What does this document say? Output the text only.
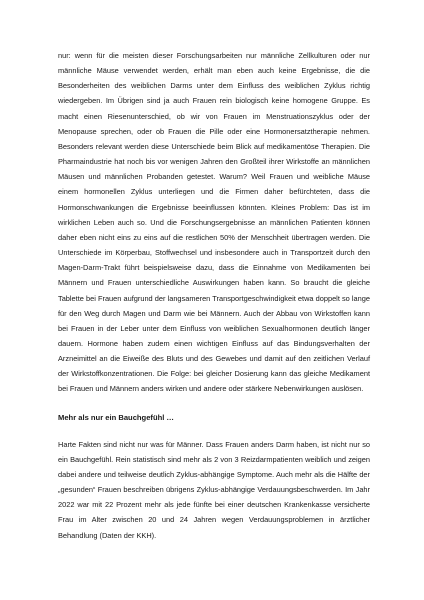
nur: wenn für die meisten dieser Forschungsarbeiten nur männliche Zellkulturen oder nur männliche Mäuse verwendet werden, erhält man eben auch keine Ergebnisse, die die Besonderheiten des weiblichen Darms unter dem Einfluss des weiblichen Zyklus richtig wiedergeben. Im Übrigen sind ja auch Frauen rein biologisch keine homogene Gruppe. Es macht einen Riesenunterschied, ob wir von Frauen im Menstruationszyklus oder der Menopause sprechen, oder ob Frauen die Pille oder eine Hormonersatztherapie nehmen. Besonders relevant werden diese Unterschiede beim Blick auf medikamentöse Therapien. Die Pharmaindustrie hat noch bis vor wenigen Jahren den Großteil ihrer Wirkstoffe an männlichen Mäusen und männlichen Probanden getestet. Warum? Weil Frauen und weibliche Mäuse einem hormonellen Zyklus unterliegen und die Firmen daher befürchteten, dass die Hormonschwankungen die Ergebnisse beeinflussen könnten. Kleines Problem: Das ist im wirklichen Leben auch so. Und die Forschungsergebnisse an männlichen Patienten können daher eben nicht eins zu eins auf die restlichen 50% der Menschheit übertragen werden. Die Unterschiede im Körperbau, Stoffwechsel und insbesondere auch in Transportzeit durch den Magen-Darm-Trakt führt beispielsweise dazu, dass die Einnahme von Medikamenten bei Männern und Frauen unterschiedliche Auswirkungen haben kann. So braucht die gleiche Tablette bei Frauen aufgrund der langsameren Transportgeschwindigkeit etwa doppelt so lange für den Weg durch Magen und Darm wie bei Männern. Auch der Abbau von Wirkstoffen kann bei Frauen in der Leber unter dem Einfluss von weiblichen Sexualhormonen deutlich länger dauern. Hormone haben zudem einen wichtigen Einfluss auf das Bindungsverhalten der Arzneimittel an die Eiweiße des Bluts und des Gewebes und damit auf den zeitlichen Verlauf der Wirkstoffkonzentrationen. Die Folge: bei gleicher Dosierung kann das gleiche Medikament bei Frauen und Männern anders wirken und andere oder stärkere Nebenwirkungen auslösen.

Mehr als nur ein Bauchgefühl …

Harte Fakten sind nicht nur was für Männer. Dass Frauen anders Darm haben, ist nicht nur so ein Bauchgefühl. Rein statistisch sind mehr als 2 von 3 Reizdarmpatienten weiblich und zeigen dabei andere und teilweise deutlich Zyklus-abhängige Symptome. Auch mehr als die Hälfte der „gesunden“ Frauen beschreiben übrigens Zyklus-abhängige Verdauungsbeschwerden. Im Jahr 2022 war mit 22 Prozent mehr als jede fünfte bei einer deutschen Krankenkasse versicherte Frau im Alter zwischen 20 und 24 Jahren wegen Verdauungsproblemen in ärztlicher Behandlung (Daten der KKH).
